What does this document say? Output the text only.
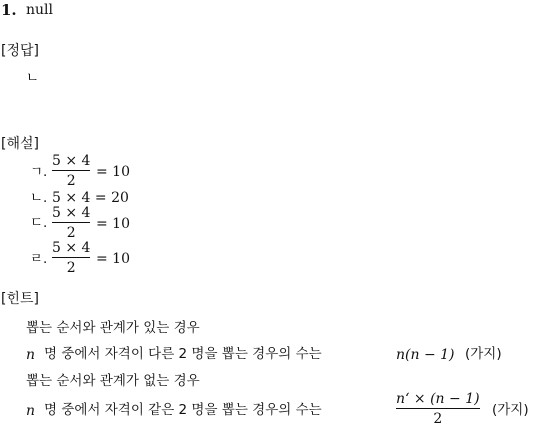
1. null
[정답]
ㄴ
[해설]
ㄱ.
5 × 4
2
= 10
ㄴ. 5 × 4 = 20
ㄷ.
5 × 4
2
= 10
ㄹ.
5 × 4
2
= 10
[힌트]
뽑는 순서와 관계가 있는 경우
n 명 중에서 자격이 다른 2 명을 뽑는 경우의 수는	n(n − 1) (가지)
뽑는 순서와 관계가 없는 경우
n 명 중에서 자격이 같은 2 명을 뽑는 경우의 수는
n‘ × (n − 1)
2
(가지)
